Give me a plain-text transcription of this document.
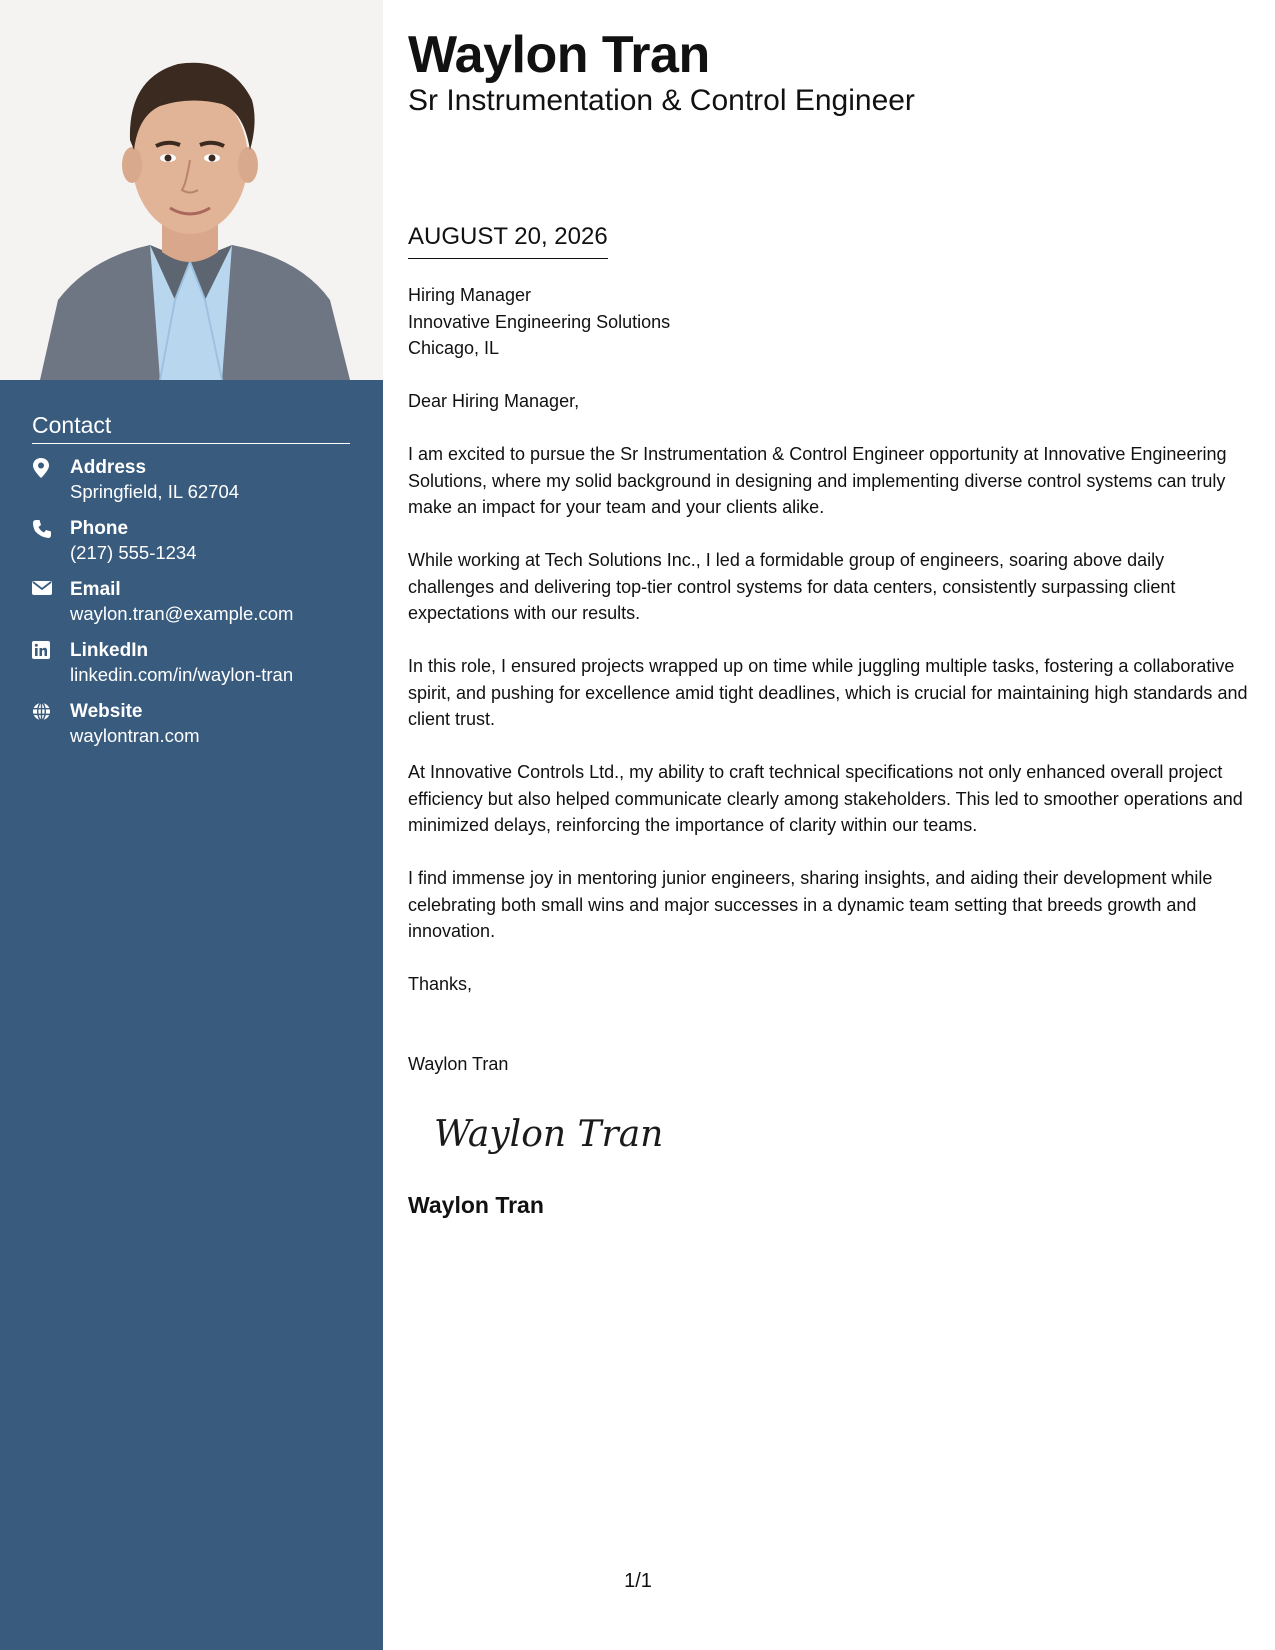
Contact
Address
Springfield, IL 62704
Phone
(217) 555-1234
Email
waylon.tran@example.com
LinkedIn
linkedin.com/in/waylon-tran
Website
waylontran.com
Waylon Tran
Sr Instrumentation & Control Engineer
AUGUST 20, 2026

Hiring Manager

Innovative Engineering Solutions

Chicago, IL

Dear Hiring Manager,

I am excited to pursue the Sr Instrumentation & Control Engineer opportunity at Innovative Engineering Solutions, where my solid background in designing and implementing diverse control systems can truly make an impact for your team and your clients alike.

While working at Tech Solutions Inc., I led a formidable group of engineers, soaring above daily challenges and delivering top-tier control systems for data centers, consistently surpassing client expectations with our results.

In this role, I ensured projects wrapped up on time while juggling multiple tasks, fostering a collaborative spirit, and pushing for excellence amid tight deadlines, which is crucial for maintaining high standards and client trust.

At Innovative Controls Ltd., my ability to craft technical specifications not only enhanced overall project efficiency but also helped communicate clearly among stakeholders. This led to smoother operations and minimized delays, reinforcing the importance of clarity within our teams.

I find immense joy in mentoring junior engineers, sharing insights, and aiding their development while celebrating both small wins and major successes in a dynamic team setting that breeds growth and innovation.

Thanks,

Waylon Tran

Waylon Tran
Waylon Tran
1/1
